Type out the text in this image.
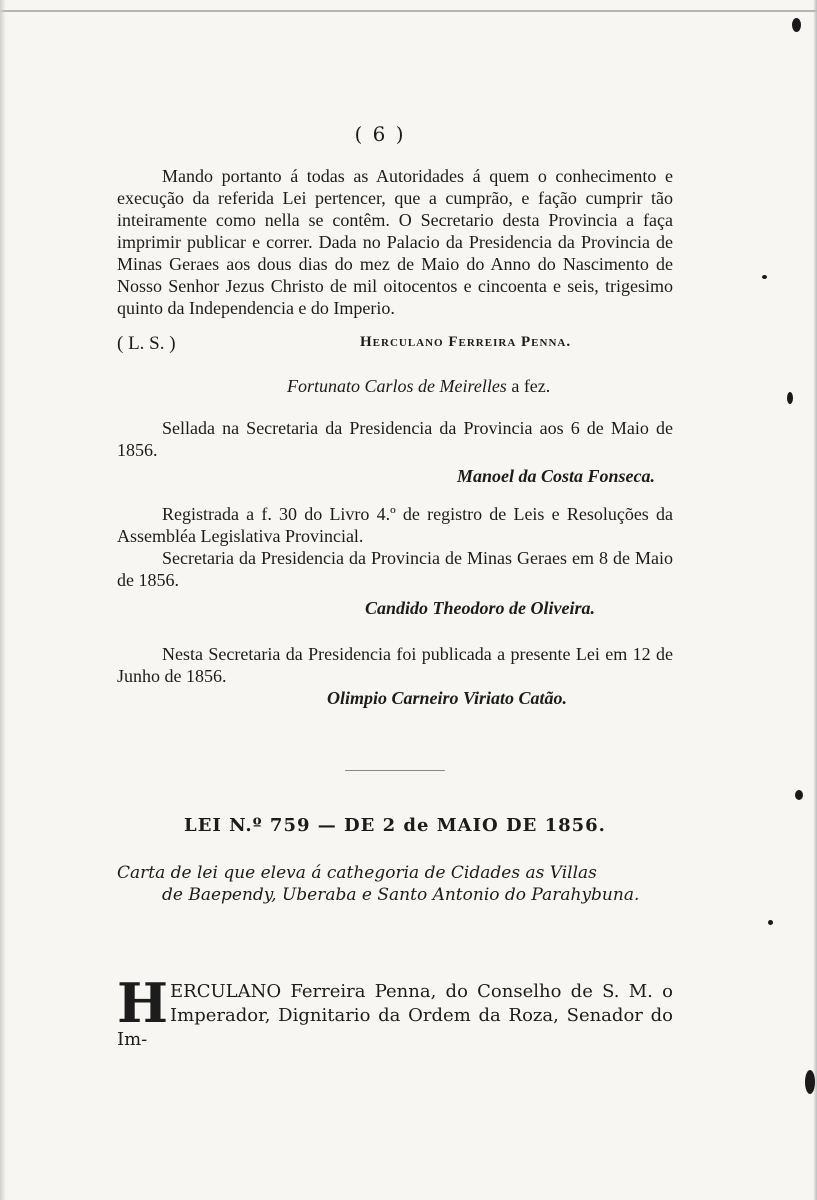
( 6 )

Mando portanto á todas as Autoridades á quem o conhecimento e execução da referida Lei pertencer, que a cumprão, e fação cumprir tão inteiramente como nella se contêm. O Secretario desta Provincia a faça imprimir publicar e correr. Dada no Palacio da Presidencia da Provincia de Minas Geraes aos dous dias do mez de Maio do Anno do Nascimento de Nosso Senhor Jezus Christo de mil oitocentos e cincoenta e seis, trigesimo quinto da Independencia e do Imperio.

( L. S. )	Herculano Ferreira Penna.

Fortunato Carlos de Meirelles a fez.

Sellada na Secretaria da Presidencia da Provincia aos 6 de Maio de 1856.

Manoel da Costa Fonseca.

Registrada a f. 30 do Livro 4.º de registro de Leis e Resoluções da Assembléa Legislativa Provincial.

Secretaria da Presidencia da Provincia de Minas Geraes em 8 de Maio de 1856.

Candido Theodoro de Oliveira.

Nesta Secretaria da Presidencia foi publicada a presente Lei em 12 de Junho de 1856.

Olimpio Carneiro Viriato Catão.

LEI N.º 759 — DE 2 de MAIO DE 1856.
Carta de lei que eleva á cathegoria de Cidades as Villas
de Baependy, Uberaba e Santo Antonio do Parahybuna.
HERCULANO Ferreira Penna, do Conselho de S. M. o Imperador, Dignitario da Ordem da Roza, Senador do Im-
